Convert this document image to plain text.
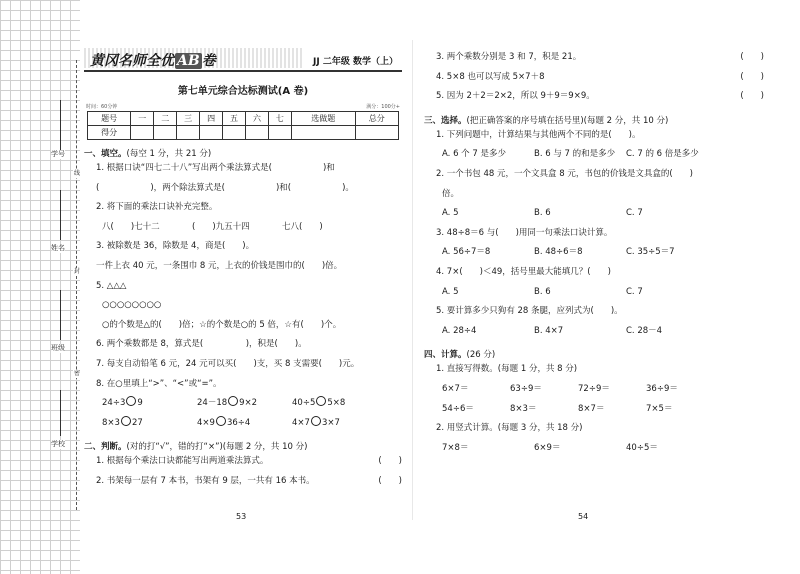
线
封
密
学号
姓名
班级
学校
黄冈名师全优 AB 卷	JJ 二年级 数学（上）
第七单元综合达标测试(A 卷)
时间：60分钟	满分：100分+
题号	一	二	三	四	五	六	七	选做题	总分
得分									
一、填空。(每空 1 分，共 21 分)
1. 根据口诀“四七二十八”写出两个乘法算式是(　　　　　　)和
(　　　　　　)，两个除法算式是(　　　　　　)和(　　　　　　)。
2. 将下面的乘法口诀补充完整。
八(　　)七十二	(　　)九五十四	七八(　　)
3. 被除数是 36，除数是 4，商是(　　)。
一件上衣 40 元，一条围巾 8 元，上衣的价钱是围巾的(　　)倍。
5. △△△
○○○○○○○○
○的个数是△的(　　)倍；☆的个数是○的 5 倍，☆有(　　)个。
6. 两个乘数都是 8，算式是(　　　　　)，积是(　　)。
7. 每支自动铅笔 6 元，24 元可以买(　　)支，买 8 支需要(　　)元。
8. 在○里填上“>”、“<”或“=”。
24÷3 9	24－18 9×2	40÷5 5×8
8×3 27	4×9 36÷4	4×7 3×7
二、判断。(对的打“√”，错的打“×”)(每题 2 分，共 10 分)
1. 根据每个乘法口诀都能写出两道乘法算式。	(　　)
2. 书架每一层有 7 本书，书架有 9 层，一共有 16 本书。	(　　)
53
3. 两个乘数分别是 3 和 7，积是 21。	(　　)
4. 5×8 也可以写成 5×7＋8	(　　)
5. 因为 2＋2＝2×2，所以 9＋9＝9×9。	(　　)
三、选择。(把正确答案的序号填在括号里)(每题 2 分，共 10 分)
1. 下列问题中，计算结果与其他两个不同的是(　　)。
A. 6 个 7 是多少	B. 6 与 7 的和是多少	C. 7 的 6 倍是多少
2. 一个书包 48 元，一个文具盒 8 元，书包的价钱是文具盒的(　　)
倍。
A. 5	B. 6	C. 7
3. 48÷8＝6 与(　　)用同一句乘法口诀计算。
A. 56÷7＝8	B. 48÷6＝8	C. 35÷5＝7
4. 7×(　　)＜49，括号里最大能填几？(　　)
A. 5	B. 6	C. 7
5. 要计算多少只狗有 28 条腿，应列式为(　　)。
A. 28÷4	B. 4×7	C. 28－4
四、计算。(26 分)
1. 直接写得数。(每题 1 分，共 8 分)
6×7＝	63÷9＝	72÷9＝	36÷9＝
54÷6＝	8×3＝	8×7＝	7×5＝
2. 用竖式计算。(每题 3 分，共 18 分)
7×8＝	6×9＝	40÷5＝
54
